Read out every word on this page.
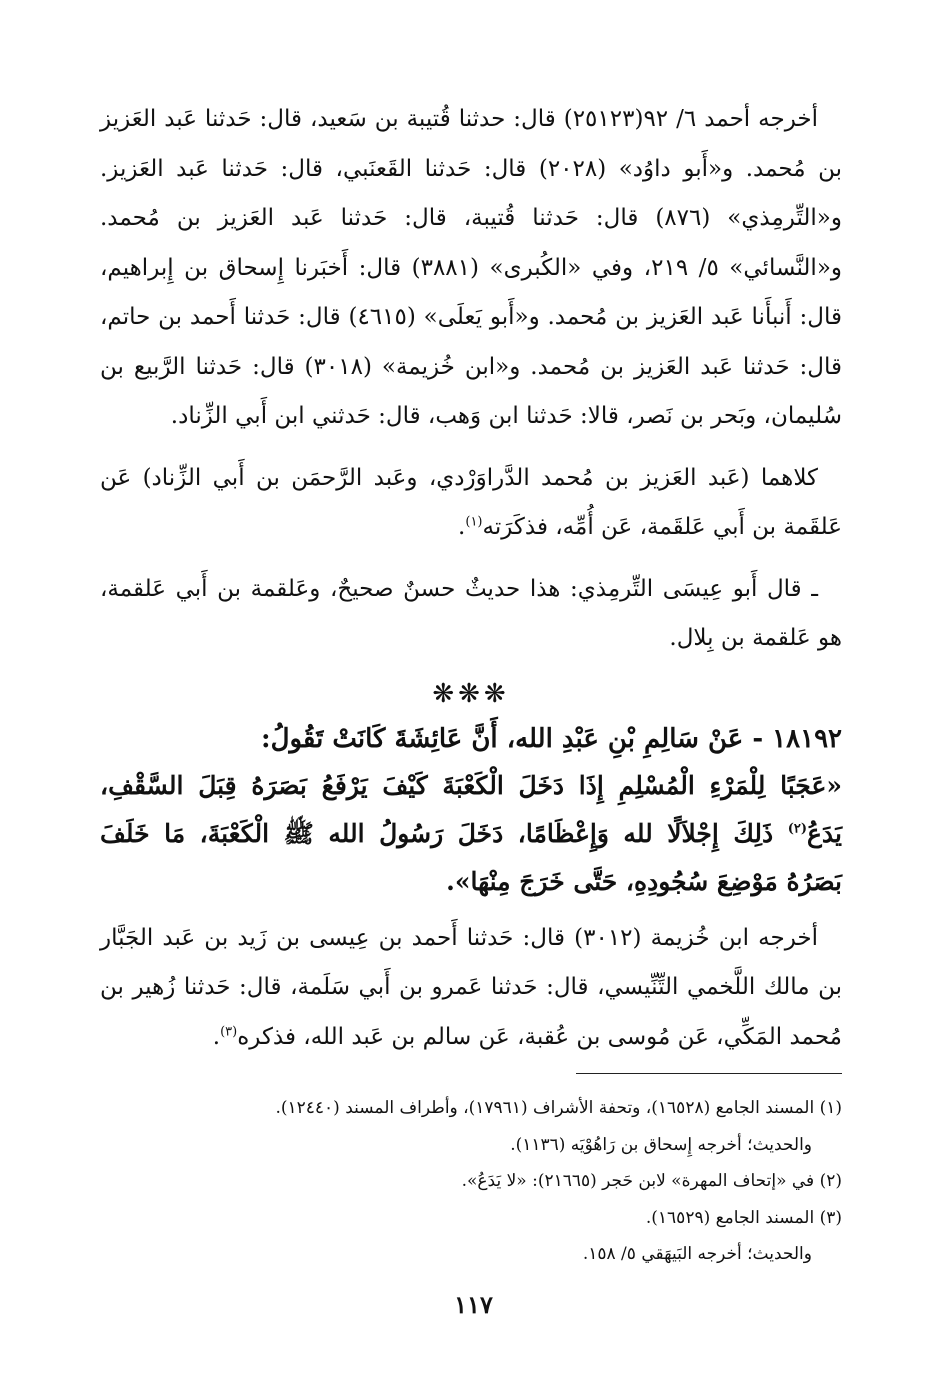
أخرجه أحمد ٦/ ٩٢(٢٥١٢٣) قال: حدثنا قُتيبة بن سَعيد، قال: حَدثنا عَبد العَزيز بن مُحمد. و«أَبو داوُد» (٢٠٢٨) قال: حَدثنا القَعنَبي، قال: حَدثنا عَبد العَزيز. و«التِّرمِذي» (٨٧٦) قال: حَدثنا قُتيبة، قال: حَدثنا عَبد العَزيز بن مُحمد. و«النَّسائي» ٥/ ٢١٩، وفي «الكُبرى» (٣٨٨١) قال: أَخبَرنا إِسحاق بن إِبراهيم، قال: أَنبأَنا عَبد العَزيز بن مُحمد. و«أَبو يَعلَى» (٤٦١٥) قال: حَدثنا أَحمد بن حاتم، قال: حَدثنا عَبد العَزيز بن مُحمد. و«ابن خُزيمة» (٣٠١٨) قال: حَدثنا الرَّبيع بن سُليمان، وبَحر بن نَصر، قالا: حَدثنا ابن وَهب، قال: حَدثني ابن أَبي الزِّناد.

كلاهما (عَبد العَزيز بن مُحمد الدَّراوَرْدي، وعَبد الرَّحمَن بن أَبي الزِّناد) عَن عَلقَمة بن أَبي عَلقَمة، عَن أُمِّه، فذكَرَته$^{(١)}$.

ـ قال أَبو عِيسَى التِّرمِذي: هذا حديثٌ حسنٌ صحيحٌ، وعَلقمة بن أَبي عَلقمة، هو عَلقمة بن بِلال.

❋❋❋

١٨١٩٢ - عَنْ سَالِمِ بْنِ عَبْدِ الله، أَنَّ عَائِشَةَ كَانَتْ تَقُولُ:

«عَجَبًا لِلْمَرْءِ الْمُسْلِمِ إِذَا دَخَلَ الْكَعْبَةَ كَيْفَ يَرْفَعُ بَصَرَهُ قِبَلَ السَّقْفِ، يَدَعُ$^{(٢)}$ ذَلِكَ إِجْلاَلًا لله وَإِعْظَامًا، دَخَلَ رَسُولُ الله ﷺ الْكَعْبَةَ، مَا خَلَفَ بَصَرُهُ مَوْضِعَ سُجُودِهِ، حَتَّى خَرَجَ مِنْهَا».

أخرجه ابن خُزيمة (٣٠١٢) قال: حَدثنا أَحمد بن عِيسى بن زَيد بن عَبد الجَبَّار بن مالك اللَّخمي التِّنِّيسي، قال: حَدثنا عَمرو بن أَبي سَلَمة، قال: حَدثنا زُهير بن مُحمد المَكِّي، عَن مُوسى بن عُقبة، عَن سالم بن عَبد الله، فذكره$^{(٣)}$.

(١) المسند الجامع (١٦٥٢٨)، وتحفة الأشراف (١٧٩٦١)، وأطراف المسند (١٢٤٤٠).

والحديث؛ أخرجه إِسحاق بن رَاهُوْيَه (١١٣٦).

(٢) في «إتحاف المهرة» لابن حَجر (٢١٦٦٥): «لا يَدَعُ».

(٣) المسند الجامع (١٦٥٢٩).

والحديث؛ أخرجه البَيهَقي ٥/ ١٥٨.

١١٧
